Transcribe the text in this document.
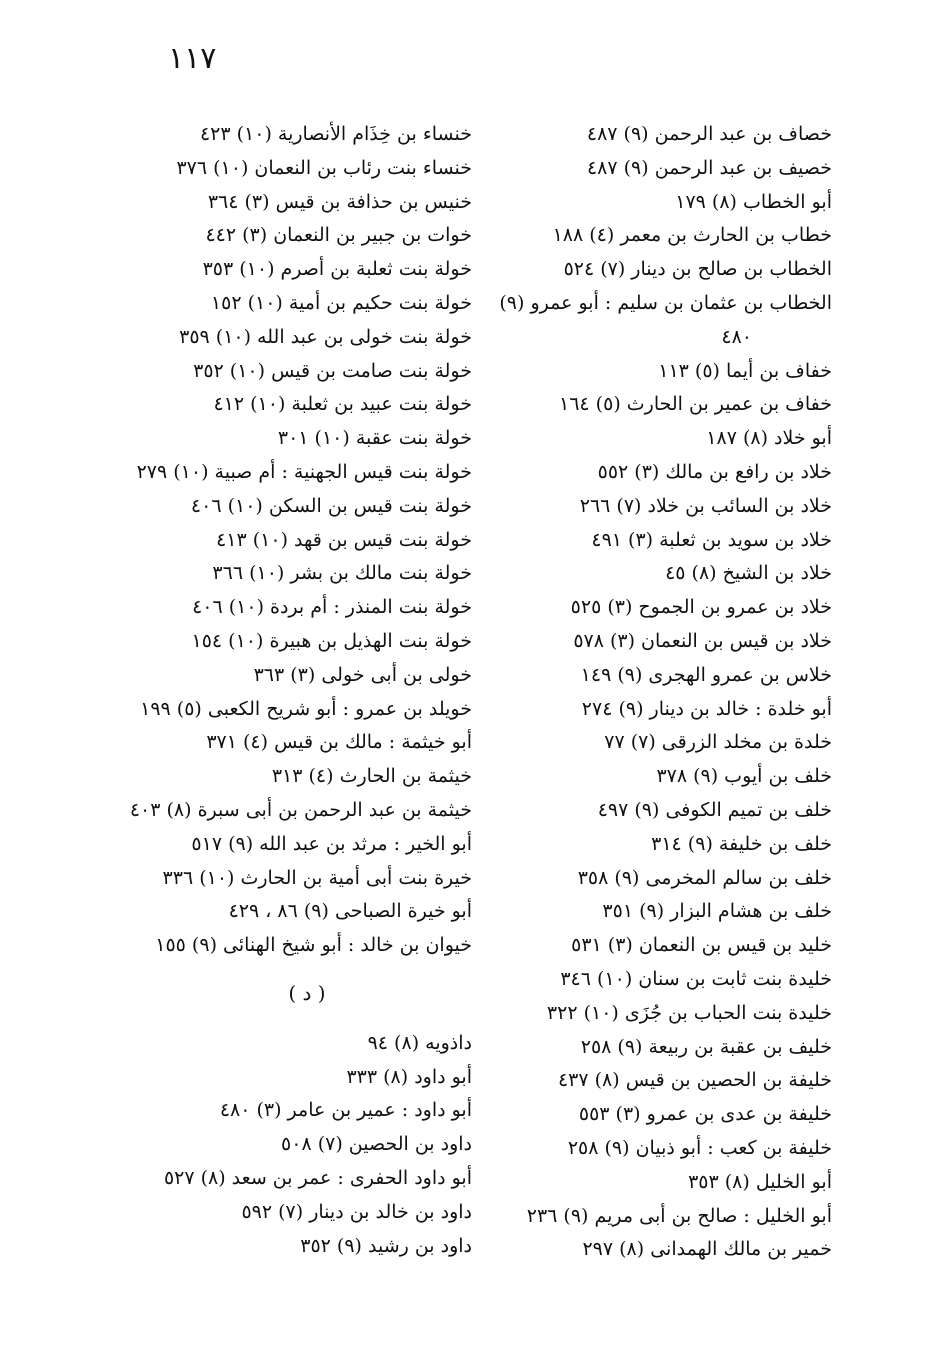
١١٧
خصاف بن عبد الرحمن (٩) ٤٨٧
خصيف بن عبد الرحمن (٩) ٤٨٧
أبو الخطاب (٨) ١٧٩
خطاب بن الحارث بن معمر (٤) ١٨٨
الخطاب بن صالح بن دينار (٧) ٥٢٤
الخطاب بن عثمان بن سليم : أبو عمرو (٩)
٤٨٠
خفاف بن أيما (٥) ١١٣
خفاف بن عمير بن الحارث (٥) ١٦٤
أبو خلاد (٨) ١٨٧
خلاد بن رافع بن مالك (٣) ٥٥٢
خلاد بن السائب بن خلاد (٧) ٢٦٦
خلاد بن سويد بن ثعلبة (٣) ٤٩١
خلاد بن الشيخ (٨) ٤٥
خلاد بن عمرو بن الجموح (٣) ٥٢٥
خلاد بن قيس بن النعمان (٣) ٥٧٨
خلاس بن عمرو الهجرى (٩) ١٤٩
أبو خلدة : خالد بن دينار (٩) ٢٧٤
خلدة بن مخلد الزرقى (٧) ٧٧
خلف بن أيوب (٩) ٣٧٨
خلف بن تميم الكوفى (٩) ٤٩٧
خلف بن خليفة (٩) ٣١٤
خلف بن سالم المخرمى (٩) ٣٥٨
خلف بن هشام البزار (٩) ٣٥١
خليد بن قيس بن النعمان (٣) ٥٣١
خليدة بنت ثابت بن سنان (١٠) ٣٤٦
خليدة بنت الحباب بن جُزَى (١٠) ٣٢٢
خليف بن عقبة بن ربيعة (٩) ٢٥٨
خليفة بن الحصين بن قيس (٨) ٤٣٧
خليفة بن عدى بن عمرو (٣) ٥٥٣
خليفة بن كعب : أبو ذبيان (٩) ٢٥٨
أبو الخليل (٨) ٣٥٣
أبو الخليل : صالح بن أبى مريم (٩) ٢٣٦
خمير بن مالك الهمدانى (٨) ٢٩٧
خنساء بن خِذَام الأنصارية (١٠) ٤٢٣
خنساء بنت رئاب بن النعمان (١٠) ٣٧٦
خنيس بن حذافة بن قيس (٣) ٣٦٤
خوات بن جبير بن النعمان (٣) ٤٤٢
خولة بنت ثعلبة بن أصرم (١٠) ٣٥٣
خولة بنت حكيم بن أمية (١٠) ١٥٢
خولة بنت خولى بن عبد الله (١٠) ٣٥٩
خولة بنت صامت بن قيس (١٠) ٣٥٢
خولة بنت عبيد بن ثعلبة (١٠) ٤١٢
خولة بنت عقبة (١٠) ٣٠١
خولة بنت قيس الجهنية : أم صبية (١٠) ٢٧٩
خولة بنت قيس بن السكن (١٠) ٤٠٦
خولة بنت قيس بن قهد (١٠) ٤١٣
خولة بنت مالك بن بشر (١٠) ٣٦٦
خولة بنت المنذر : أم بردة (١٠) ٤٠٦
خولة بنت الهذيل بن هبيرة (١٠) ١٥٤
خولى بن أبى خولى (٣) ٣٦٣
خويلد بن عمرو : أبو شريح الكعبى (٥) ١٩٩
أبو خيثمة : مالك بن قيس (٤) ٣٧١
خيثمة بن الحارث (٤) ٣١٣
خيثمة بن عبد الرحمن بن أبى سبرة (٨) ٤٠٣
أبو الخير : مرثد بن عبد الله (٩) ٥١٧
خيرة بنت أبى أمية بن الحارث (١٠) ٣٣٦
أبو خيرة الصباحى (٩) ٨٦ ، ٤٢٩
خيوان بن خالد : أبو شيخ الهنائى (٩) ١٥٥
( د )
داذويه (٨) ٩٤
أبو داود (٨) ٣٣٣
أبو داود : عمير بن عامر (٣) ٤٨٠
داود بن الحصين (٧) ٥٠٨
أبو داود الحفرى : عمر بن سعد (٨) ٥٢٧
داود بن خالد بن دينار (٧) ٥٩٢
داود بن رشيد (٩) ٣٥٢
